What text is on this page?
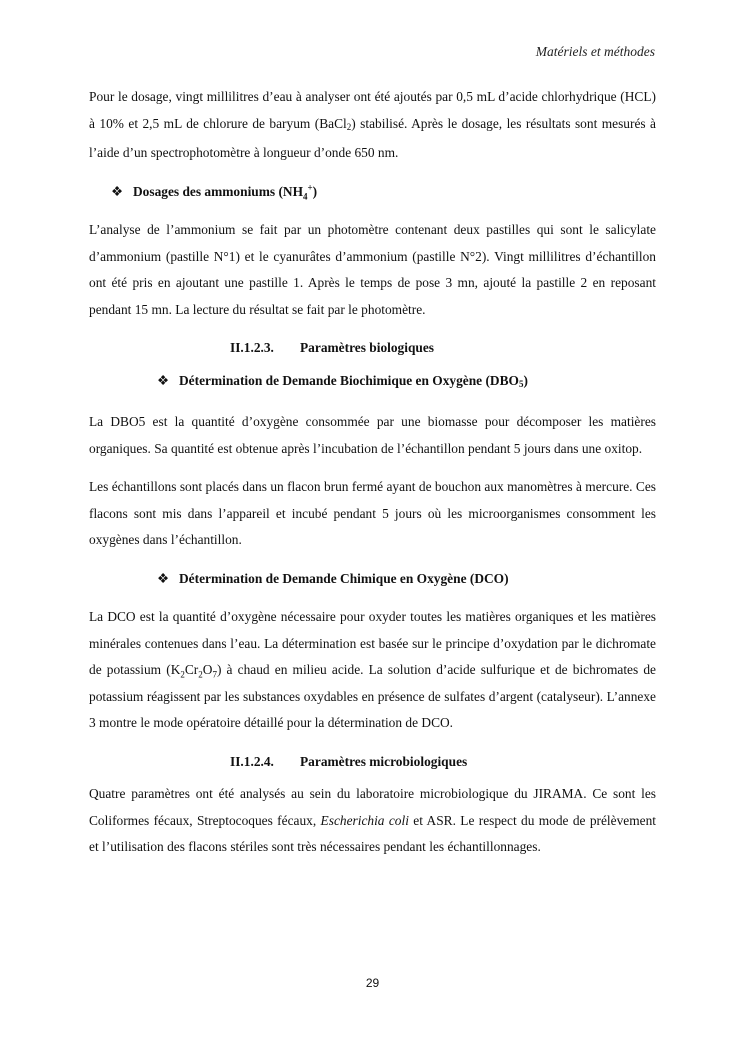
Matériels et méthodes

Pour le dosage, vingt millilitres d’eau à analyser ont été ajoutés par 0,5 mL d’acide chlorhydrique (HCL) à 10% et 2,5 mL de chlorure de baryum (BaCl2) stabilisé. Après le dosage, les résultats sont mesurés à l’aide d’un spectrophotomètre à longueur d’onde 650 nm.

❖ Dosages des ammoniums $(NH_4^+)$

L’analyse de l’ammonium se fait par un photomètre contenant deux pastilles qui sont le salicylate d’ammonium (pastille N°1) et le cyanurâtes d’ammonium (pastille N°2). Vingt millilitres d’échantillon ont été pris en ajoutant une pastille 1. Après le temps de pose 3 mn, ajouté la pastille 2 en reposant pendant 15 mn. La lecture du résultat se fait par le photomètre.

II.1.2.3. Paramètres biologiques
❖ Détermination de Demande Biochimique en Oxygène (DBO5)

La DBO5 est la quantité d’oxygène consommée par une biomasse pour décomposer les matières organiques. Sa quantité est obtenue après l’incubation de l’échantillon pendant 5 jours dans une oxitop.

Les échantillons sont placés dans un flacon brun fermé ayant de bouchon aux manomètres à mercure. Ces flacons sont mis dans l’appareil et incubé pendant 5 jours où les microorganismes consomment les oxygènes dans l’échantillon.

❖ Détermination de Demande Chimique en Oxygène (DCO)

La DCO est la quantité d’oxygène nécessaire pour oxyder toutes les matières organiques et les matières minérales contenues dans l’eau. La détermination est basée sur le principe d’oxydation par le dichromate de potassium $(K_2Cr_2O_7)$ à chaud en milieu acide. La solution d’acide sulfurique et de bichromates de potassium réagissent par les substances oxydables en présence de sulfates d’argent (catalyseur). L’annexe 3 montre le mode opératoire détaillé pour la détermination de DCO.

II.1.2.4. Paramètres microbiologiques

Quatre paramètres ont été analysés au sein du laboratoire microbiologique du JIRAMA. Ce sont les Coliformes fécaux, Streptocoques fécaux, Escherichia coli et ASR. Le respect du mode de prélèvement et l’utilisation des flacons stériles sont très nécessaires pendant les échantillonnages.

29
